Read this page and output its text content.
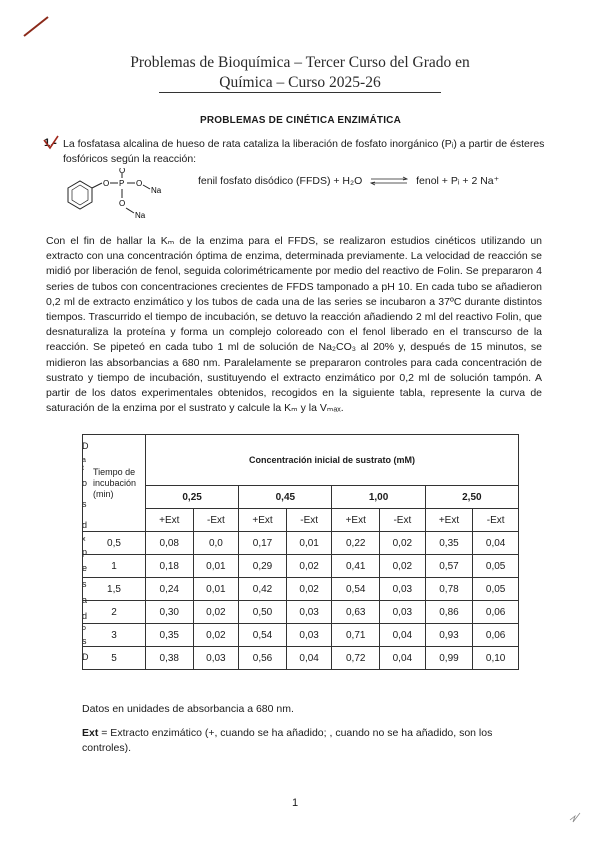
Problemas de Bioquímica – Tercer Curso del Grado en
Química – Curso 2025-26
PROBLEMAS DE CINÉTICA ENZIMÁTICA
1.- La fosfatasa alcalina de hueso de rata cataliza la liberación de fosfato inorgánico (Pᵢ) a partir de ésteres fosfóricos según la reacción:
O P
O
O
Na
O
Na
fenil fosfato disódico (FFDS) + H₂O ⇌ fenol + Pᵢ + 2 Na⁺
Con el fin de hallar la Kₘ de la enzima para el FFDS, se realizaron estudios cinéticos utilizando un extracto con una concentración óptima de enzima, determinada previamente. La velocidad de reacción se midió por liberación de fenol, seguida colorimétricamente por medio del reactivo de Folin. Se prepararon 4 series de tubos con concentraciones crecientes de FFDS tamponado a pH 10. En cada tubo se añadieron 0,2 ml de extracto enzimático y los tubos de cada una de las series se incubaron a 37ºC durante distintos tiempos. Trascurrido el tiempo de incubación, se detuvo la reacción añadiendo 2 ml del reactivo Folin, que desnaturaliza la proteína y forma un complejo coloreado con el fenol liberado en el transcurso de la reacción. Se pipeteó en cada tubo 1 ml de solución de Na₂CO₃ al 20% y, después de 15 minutos, se midieron las absorbancias a 680 nm. Paralelamente se prepararon controles para cada concentración de sustrato y tiempo de incubación, sustituyendo el extracto enzimático por 0,2 ml de solución tampón. A partir de los datos experimentales obtenidos, recogidos en la siguiente tabla, represente la curva de saturación de la enzima por el sustrato y calcule la Kₘ y la Vₘₐₓ.
D
a
t
o
s
d
x
p
e
s
a
d
o
s
D
Tiempo de incubación (min)	Concentración inicial de sustrato (mM)							
	0,25		0,45		1,00		2,50	
	+Ext	-Ext	+Ext	-Ext	+Ext	-Ext	+Ext	-Ext
0,5	0,08	0,0	0,17	0,01	0,22	0,02	0,35	0,04
1	0,18	0,01	0,29	0,02	0,41	0,02	0,57	0,05
1,5	0,24	0,01	0,42	0,02	0,54	0,03	0,78	0,05
2	0,30	0,02	0,50	0,03	0,63	0,03	0,86	0,06
3	0,35	0,02	0,54	0,03	0,71	0,04	0,93	0,06
5	0,38	0,03	0,56	0,04	0,72	0,04	0,99	0,10
Datos en unidades de absorbancia a 680 nm.
Ext = Extracto enzimático (+, cuando se ha añadido; , cuando no se ha añadido, son los controles).
1
